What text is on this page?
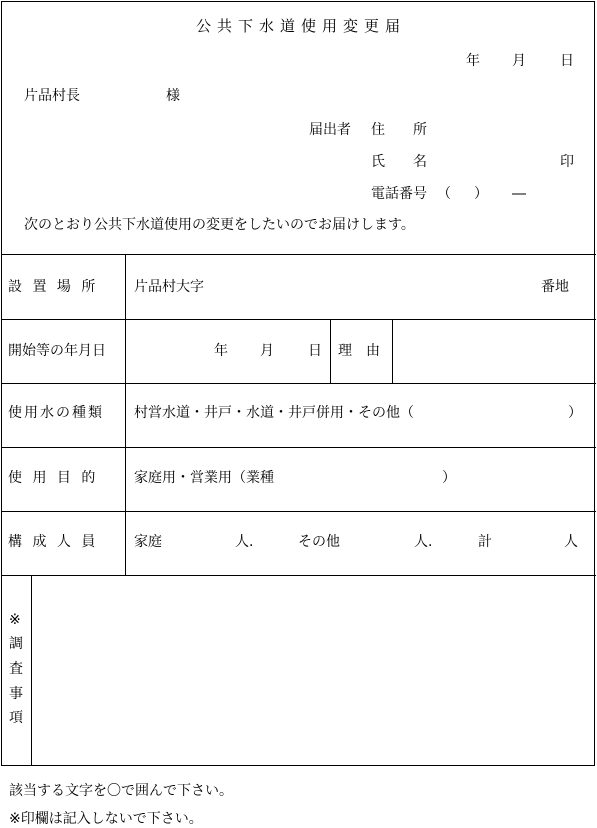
公共下水道使用変更届
年 月 日
片品村長	様
届出者 住　　所
氏　　名	印
電話番号 （ ） ―
次のとおり公共下水道使用の変更をしたいのでお届けします。
設 置 場 所	片品村大字	番地
開始等の年月日	年 月 日 理　由
使用水の種類 村営水道・井戸・水道・井戸併用・その他（	）
使 用 目 的	家庭用・営業用（業種	）
構 成 人 員	家庭	人.	その他	人.	計	人
※
調
査
事
項
該当する文字を〇で囲んで下さい。
※印欄は記入しないで下さい。
